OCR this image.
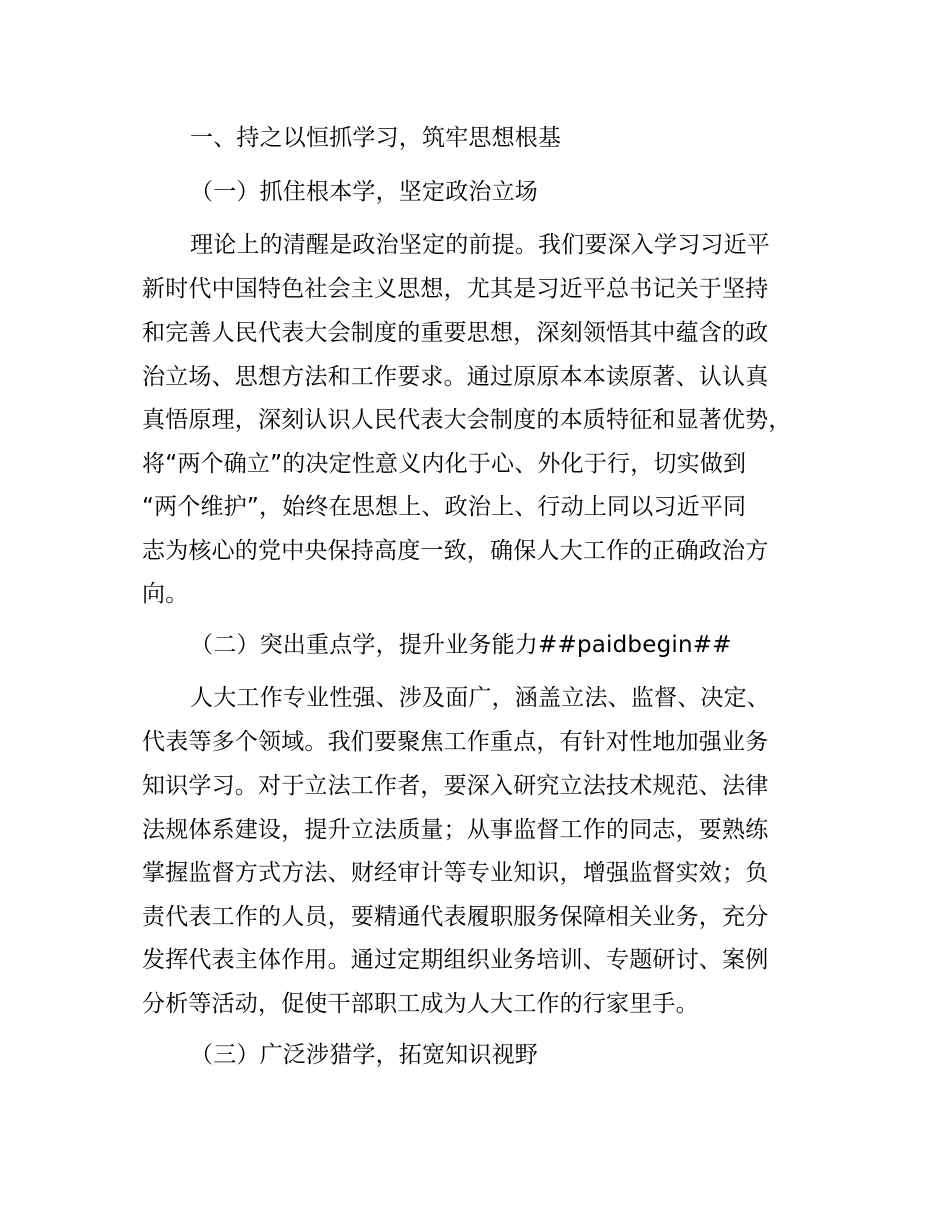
一、持之以恒抓学习，筑牢思想根基
（一）抓住根本学，坚定政治立场
理论上的清醒是政治坚定的前提。我们要深入学习习近平
新时代中国特色社会主义思想，尤其是习近平总书记关于坚持
和完善人民代表大会制度的重要思想，深刻领悟其中蕴含的政
治立场、思想方法和工作要求。通过原原本本读原著、认认真
真悟原理，深刻认识人民代表大会制度的本质特征和显著优势，
将“两个确立”的决定性意义内化于心、外化于行，切实做到
“两个维护”，始终在思想上、政治上、行动上同以习近平同
志为核心的党中央保持高度一致，确保人大工作的正确政治方
向。
（二）突出重点学，提升业务能力##paidbegin##
人大工作专业性强、涉及面广，涵盖立法、监督、决定、
代表等多个领域。我们要聚焦工作重点，有针对性地加强业务
知识学习。对于立法工作者，要深入研究立法技术规范、法律
法规体系建设，提升立法质量；从事监督工作的同志，要熟练
掌握监督方式方法、财经审计等专业知识，增强监督实效；负
责代表工作的人员，要精通代表履职服务保障相关业务，充分
发挥代表主体作用。通过定期组织业务培训、专题研讨、案例
分析等活动，促使干部职工成为人大工作的行家里手。
（三）广泛涉猎学，拓宽知识视野
